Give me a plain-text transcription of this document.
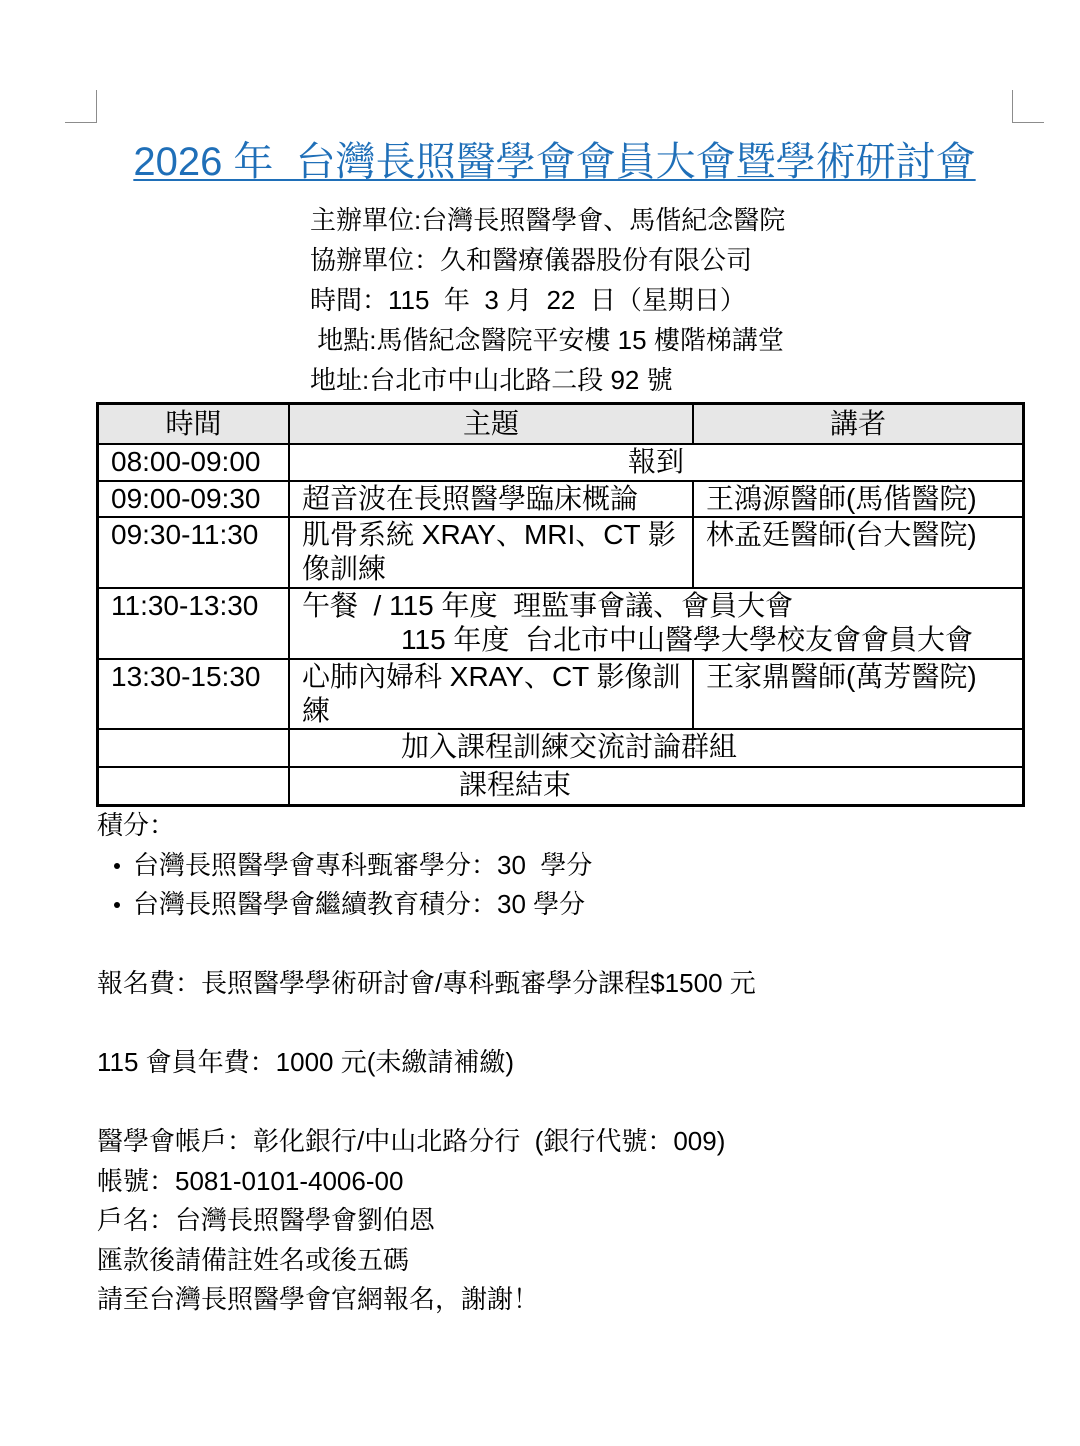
2026 年  台灣長照醫學會會員大會暨學術研討會
主辦單位:台灣長照醫學會、馬偕紀念醫院
協辦單位：久和醫療儀器股份有限公司
時間：115  年  3 月  22  日（星期日）
地點:馬偕紀念醫院平安樓 15 樓階梯講堂
地址:台北市中山北路二段 92 號
時間	主題	講者
08:00-09:00	報到	
09:00-09:30	超音波在長照醫學臨床概論	王鴻源醫師(馬偕醫院)
09:30-11:30	肌骨系統 XRAY、MRI、CT 影像訓練	林孟廷醫師(台大醫院)
11:30-13:30	午餐  / 115 年度  理監事會議、會員大會
115 年度  台北市中山醫學大學校友會會員大會	

13:30-15:30	心肺內婦科 XRAY、CT 影像訓練	王家鼎醫師(萬芳醫院)
	加入課程訓練交流討論群組	
	課程結束	
積分：
台灣長照醫學會專科甄審學分：30  學分
台灣長照醫學會繼續教育積分：30 學分
報名費：長照醫學學術研討會/專科甄審學分課程$1500 元
115 會員年費：1000 元(未繳請補繳)
醫學會帳戶：彰化銀行/中山北路分行  (銀行代號：009)
帳號：5081-0101-4006-00
戶名：台灣長照醫學會劉伯恩
匯款後請備註姓名或後五碼
請至台灣長照醫學會官網報名，謝謝！
